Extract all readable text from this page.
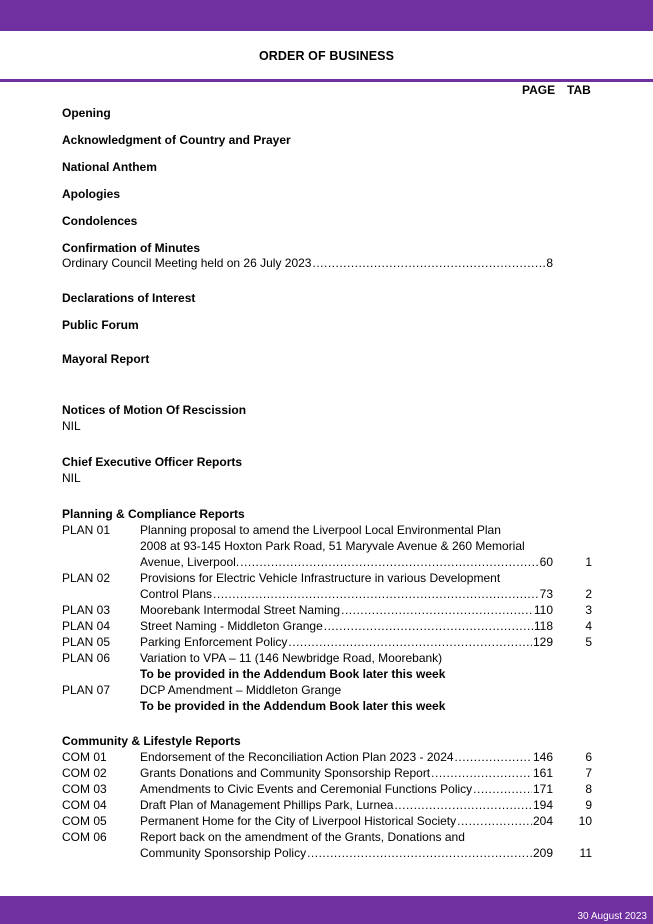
ORDER OF BUSINESS
PAGE TAB
Opening
Acknowledgment of Country and Prayer
National Anthem
Apologies
Condolences
Confirmation of Minutes
Ordinary Council Meeting held on 26 July 2023 .....	8
Declarations of Interest
Public Forum
Mayoral Report
Notices of Motion Of Rescission
NIL
Chief Executive Officer Reports
NIL
Planning & Compliance Reports
PLAN 01 Planning proposal to amend the Liverpool Local Environmental Plan
2008 at 93-145 Hoxton Park Road, 51 Maryvale Avenue & 260 Memorial
Avenue, Liverpool. .....	60	1
PLAN 02 Provisions for Electric Vehicle Infrastructure in various Development
Control Plans .....	73	2
PLAN 03 Moorebank Intermodal Street Naming .....	110	3
PLAN 04 Street Naming - Middleton Grange .....	118	4
PLAN 05 Parking Enforcement Policy .....	129	5
PLAN 06 Variation to VPA – 11 (146 Newbridge Road, Moorebank)
To be provided in the Addendum Book later this week
PLAN 07 DCP Amendment – Middleton Grange
To be provided in the Addendum Book later this week
Community & Lifestyle Reports
COM 01	Endorsement of the Reconciliation Action Plan 2023 - 2024 .....	146	6
COM 02	Grants Donations and Community Sponsorship Report .....	161	7
COM 03	Amendments to Civic Events and Ceremonial Functions Policy .....	171	8
COM 04	Draft Plan of Management Phillips Park, Lurnea .....	194	9
COM 05	Permanent Home for the City of Liverpool Historical Society .....	204	10
COM 06	Report back on the amendment of the Grants, Donations and
Community Sponsorship Policy .....	209	11
30 August 2023
